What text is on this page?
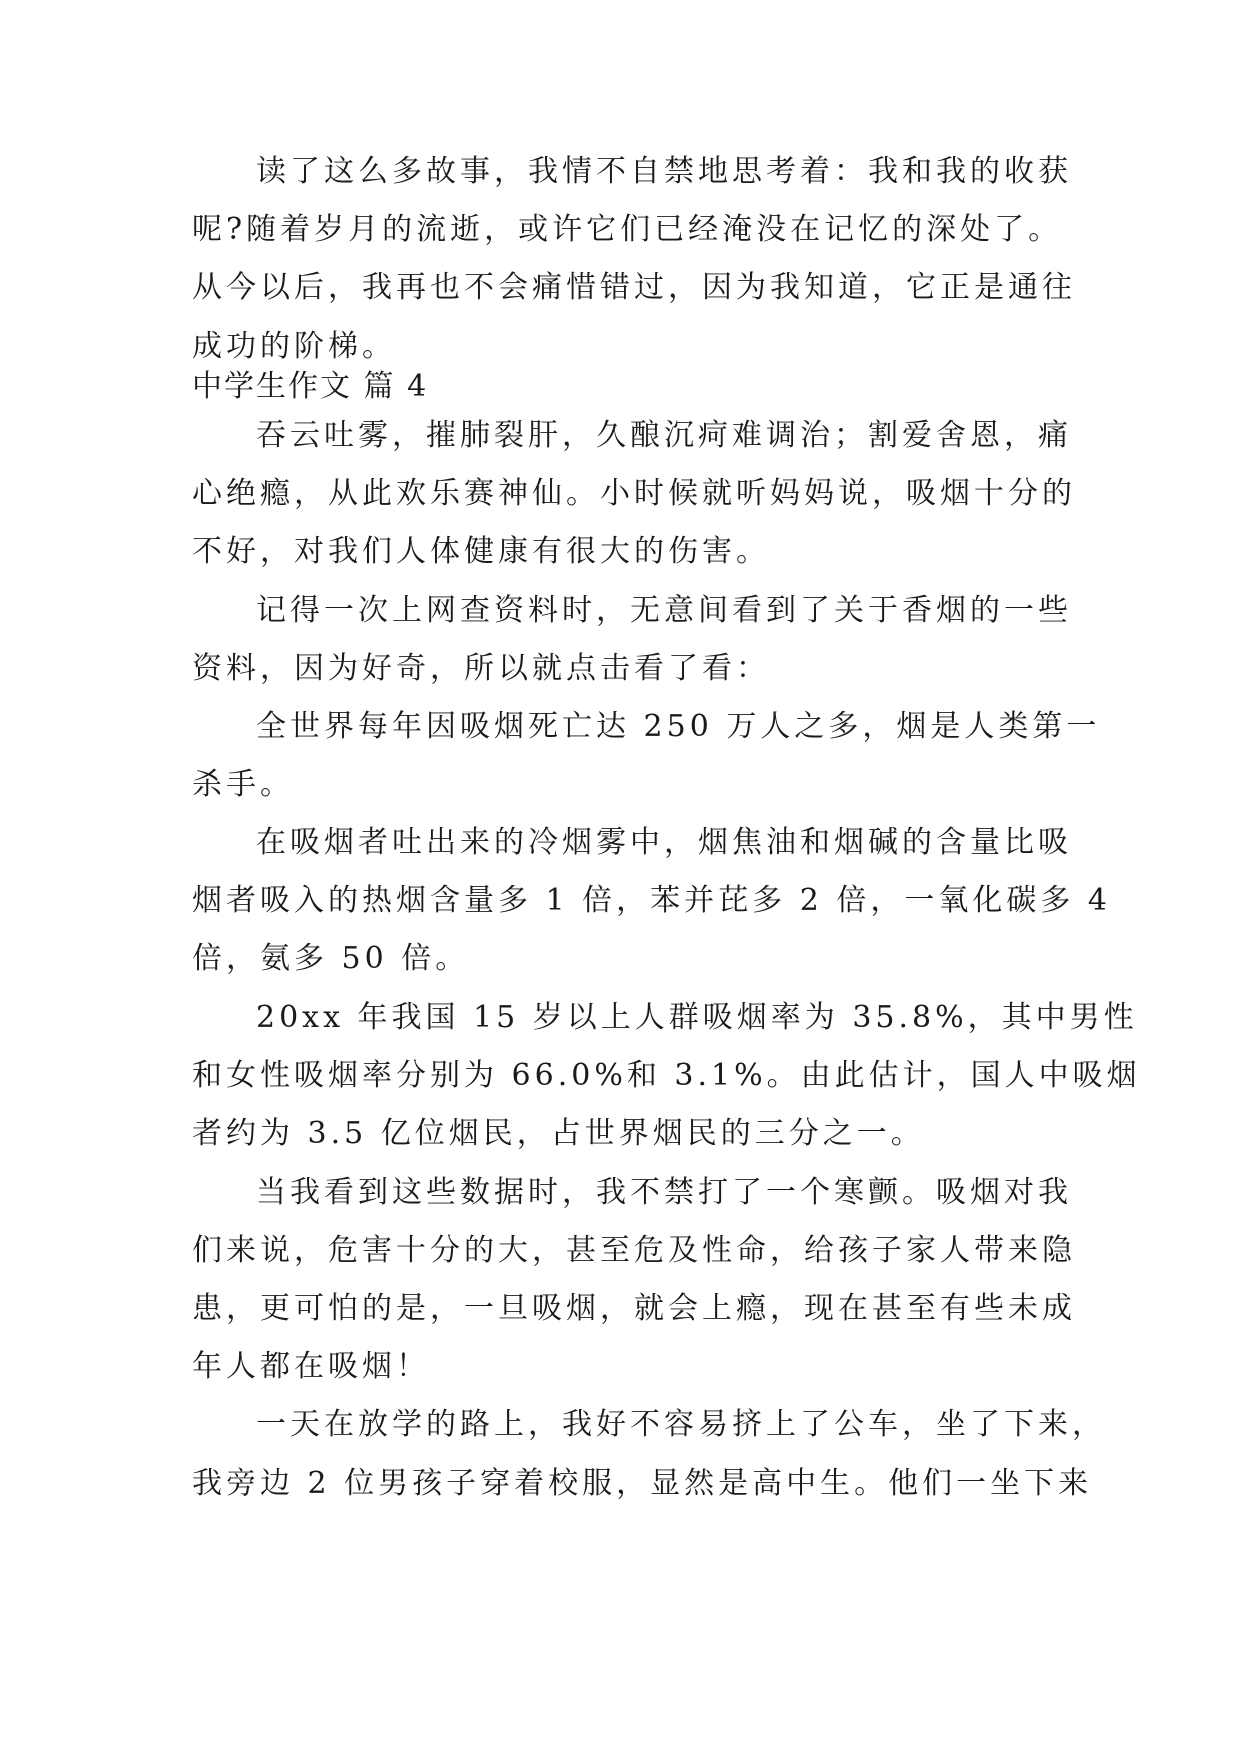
读了这么多故事，我情不自禁地思考着：我和我的收获
呢?随着岁月的流逝，或许它们已经淹没在记忆的深处了。
从今以后，我再也不会痛惜错过，因为我知道，它正是通往
成功的阶梯。
中学生作文 篇 4
吞云吐雾，摧肺裂肝，久酿沉疴难调治；割爱舍恩，痛
心绝瘾，从此欢乐赛神仙。小时候就听妈妈说，吸烟十分的
不好，对我们人体健康有很大的伤害。
记得一次上网查资料时，无意间看到了关于香烟的一些
资料，因为好奇，所以就点击看了看：
全世界每年因吸烟死亡达 250 万人之多，烟是人类第一
杀手。
在吸烟者吐出来的冷烟雾中，烟焦油和烟碱的含量比吸
烟者吸入的热烟含量多 1 倍，苯并芘多 2 倍，一氧化碳多 4
倍，氨多 50 倍。
20xx 年我国 15 岁以上人群吸烟率为 35.8%，其中男性
和女性吸烟率分别为 66.0%和 3.1%。由此估计，国人中吸烟
者约为 3.5 亿位烟民，占世界烟民的三分之一。
当我看到这些数据时，我不禁打了一个寒颤。吸烟对我
们来说，危害十分的大，甚至危及性命，给孩子家人带来隐
患，更可怕的是，一旦吸烟，就会上瘾，现在甚至有些未成
年人都在吸烟！
一天在放学的路上，我好不容易挤上了公车，坐了下来，
我旁边 2 位男孩子穿着校服，显然是高中生。他们一坐下来
